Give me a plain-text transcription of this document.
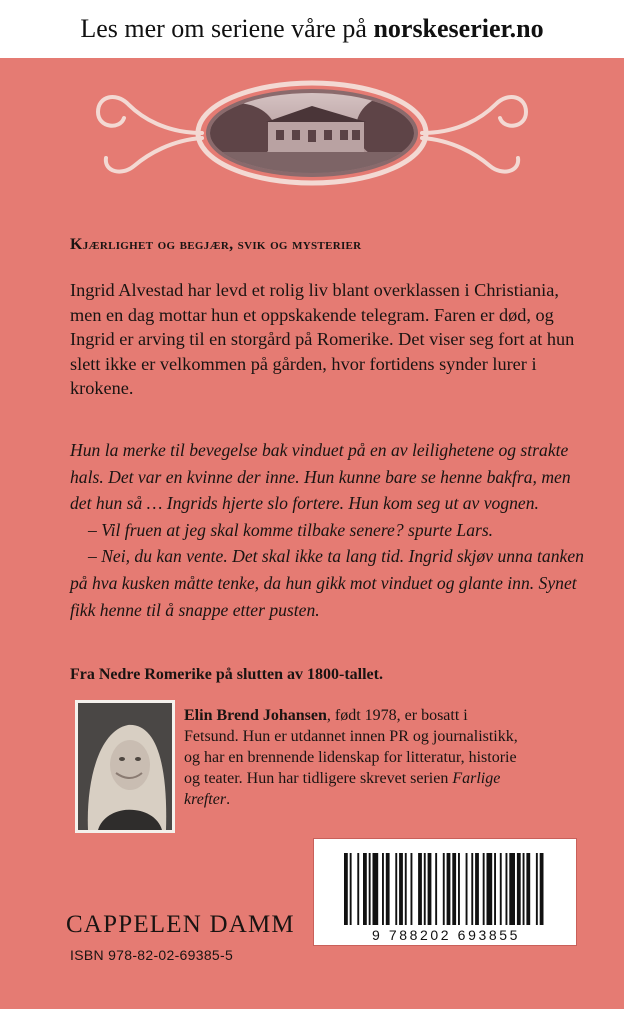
Les mer om seriene våre på
norskeserier.no
Kjærlighet og begjær, svik og mysterier
Ingrid Alvestad har levd et rolig liv blant overklassen i Christiania, men en dag mottar hun et oppskakende telegram. Faren er død, og Ingrid er arving til en storgård på Romerike. Det viser seg fort at hun slett ikke er velkommen på gården, hvor fortidens synder lurer i krokene.

Hun la merke til bevegelse bak vinduet på en av leilighetene og strakte hals. Det var en kvinne der inne. Hun kunne bare se henne bakfra, men det hun så … Ingrids hjerte slo fortere. Hun kom seg ut av vognen.

– Vil fruen at jeg skal komme tilbake senere? spurte Lars.

– Nei, du kan vente. Det skal ikke ta lang tid. Ingrid skjøv unna tanken på hva kusken måtte tenke, da hun gikk mot vinduet og glante inn. Synet fikk henne til å snappe etter pusten.

Fra Nedre Romerike på slutten av 1800-tallet.
Elin Brend Johansen, født 1978, er bosatt i Fetsund. Hun er utdannet innen PR og journalistikk, og har en brennende lidenskap for litteratur, historie og teater. Hun har tidligere skrevet serien Farlige krefter.
9 788202 693855
CAPPELEN DAMM
ISBN 978-82-02-69385-5
